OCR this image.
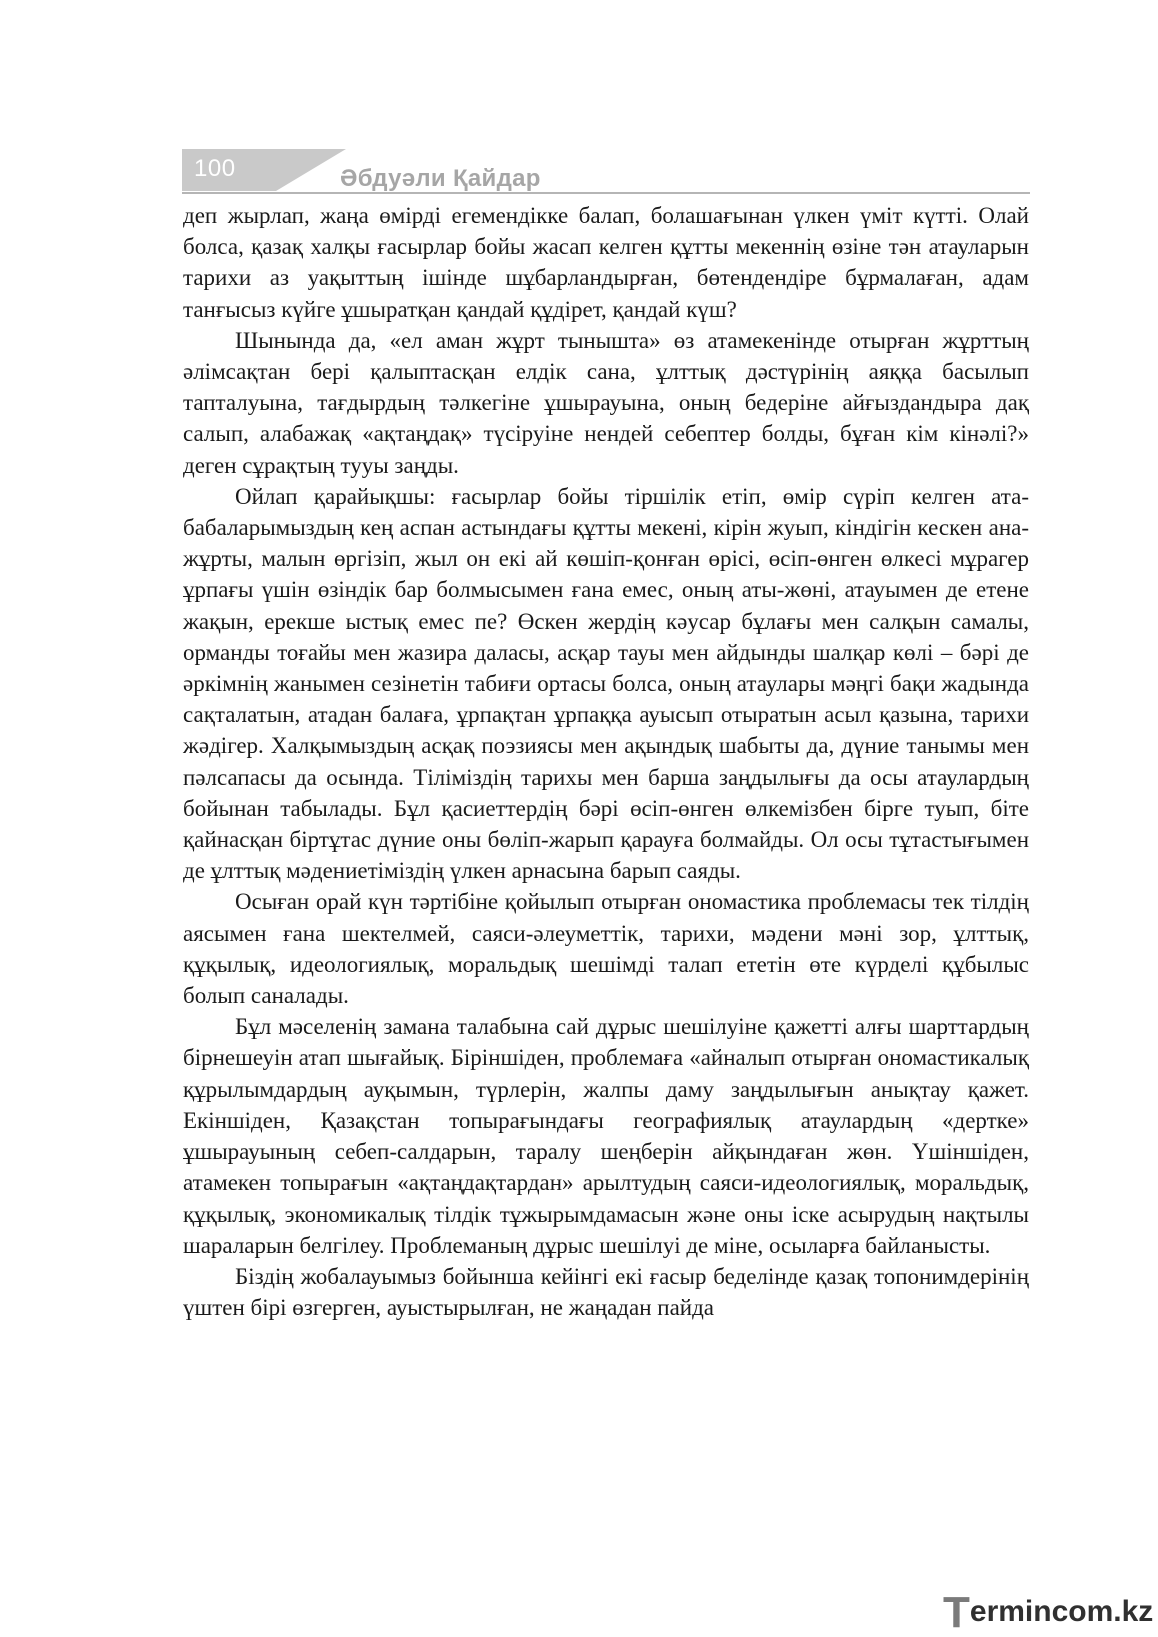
100	Әбдуәли Қайдар

деп жырлап, жаңа өмірді егемендікке балап, болашағынан үлкен үміт күтті. Олай болса, қазақ халқы ғасырлар бойы жасап келген құтты мекеннің өзіне тән атауларын тарихи аз уақыттың ішінде шұбарландырған, бөтендендіре бұрмалаған, адам танғысыз күйге ұшыратқан қандай құдірет, қандай күш?

Шынында да, «ел аман жұрт тыныштa» өз атамекенінде отырған жұрттың әлімсақтан бері қалыптасқан елдік сана, ұлттық дәстүрінің аяққа басылып тапталуына, тағдырдың тәлкегіне ұшырауына, оның бедеріне айғыздандыра дақ салып, алабажақ «ақтаңдақ» түсіруіне нендей себептер болды, бұған кім кінәлі?» деген сұрақтың тууы заңды.

Ойлап қарайықшы: ғасырлар бойы тіршілік етіп, өмір сүріп келген ата-бабаларымыздың кең аспан астындағы құтты мекені, кірін жуып, кіндігін кескен ана-жұрты, малын өргізіп, жыл он екі ай көшіп-қонған өрісі, өсіп-өнген өлкесі мұрагер ұрпағы үшін өзіндік бар болмысымен ғана емес, оның аты-жөні, атауымен де етене жақын, ерекше ыстық емес пе? Өскен жердің кәусар бұлағы мен салқын самалы, орманды тоғайы мен жазира даласы, асқар тауы мен айдынды шалқар көлі – бәрі де әркімнің жанымен сезінетін табиғи ортасы болса, оның атаулары мәңгі бақи жадында сақталатын, атадан балаға, ұрпақтан ұрпаққа ауысып отыратын асыл қазына, тарихи жәдігер. Халқымыздың асқақ поэзиясы мен ақындық шабыты да, дүние танымы мен пәлсапасы да осында. Тіліміздің тарихы мен барша заңдылығы да осы атаулардың бойынан табылады. Бұл қасиеттердің бәрі өсіп-өнген өлкемізбен бірге туып, біте қайнасқан біртұтас дүние оны бөліп-жарып қарауға болмайды. Ол осы тұтастығымен де ұлттық мәдениетіміздің үлкен арнасына барып саяды.

Осыған орай күн тәртібіне қойылып отырған ономастика проблемасы тек тілдің аясымен ғана шектелмей, саяси-әлеуметтік, тарихи, мәдени мәні зор, ұлттық, құқылық, идеологиялық, моральдық шешімді талап ететін өте күрделі құбылыс болып саналады.

Бұл мәселенің замана талабына сай дұрыс шешілуіне қажетті алғы шарттардың бірнешеуін атап шығайық. Біріншіден, проблемаға «айналып отырған ономастикалық құрылымдардың ауқымын, түрлерін, жалпы даму заңдылығын анықтау қажет. Екіншіден, Қазақстан топырағындағы географиялық атаулардың «дертке» ұшырауының себеп-салдарын, таралу шеңберін айқындаған жөн. Үшіншіден, атамекен топырағын «ақтаңдақтардан» арылтудың саяси-идеологиялық, моральдық, құқылық, экономикалық тілдік тұжырымдамасын және оны іске асырудың нақтылы шараларын белгілеу. Проблеманың дұрыс шешілуі де міне, осыларға байланысты.

Біздің жобалауымыз бойынша кейінгі екі ғасыр беделінде қазақ топонимдерінің үштен бірі өзгерген, ауыстырылған, не жаңадан пайда

Termincom.kz
